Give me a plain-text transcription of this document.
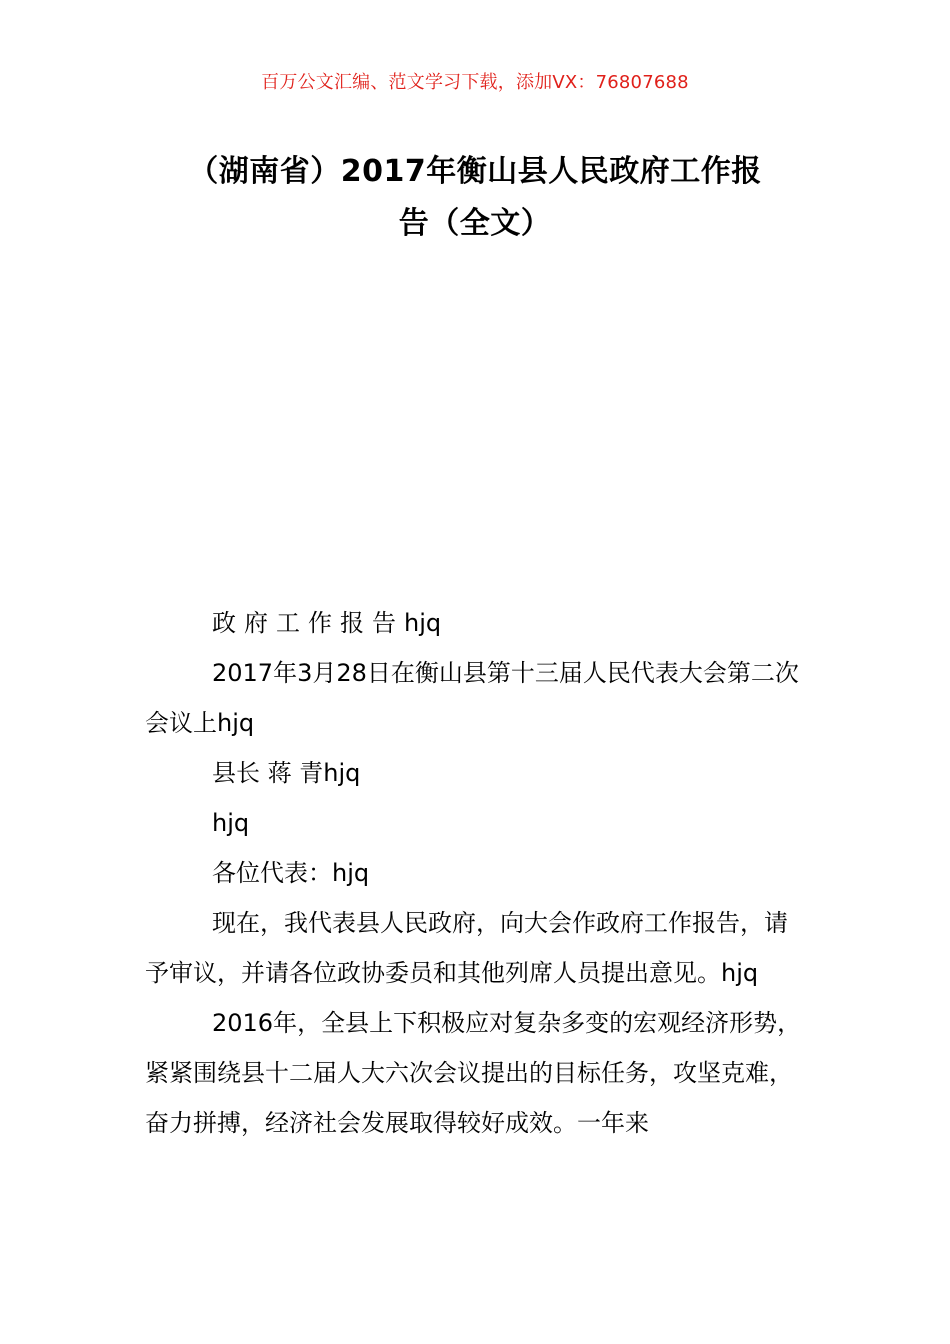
百万公文汇编、范文学习下载，添加VX：76807688
（湖南省）2017年衡山县人民政府工作报
告（全文）

政府工作报告hjq

2017年3月28日在衡山县第十三届人民代表大会第二次会议上hjq

县长 蒋 青hjq

hjq

各位代表：hjq

现在，我代表县人民政府，向大会作政府工作报告，请予审议，并请各位政协委员和其他列席人员提出意见。hjq

2016年，全县上下积极应对复杂多变的宏观经济形势，紧紧围绕县十二届人大六次会议提出的目标任务，攻坚克难，奋力拼搏，经济社会发展取得较好成效。一年来
